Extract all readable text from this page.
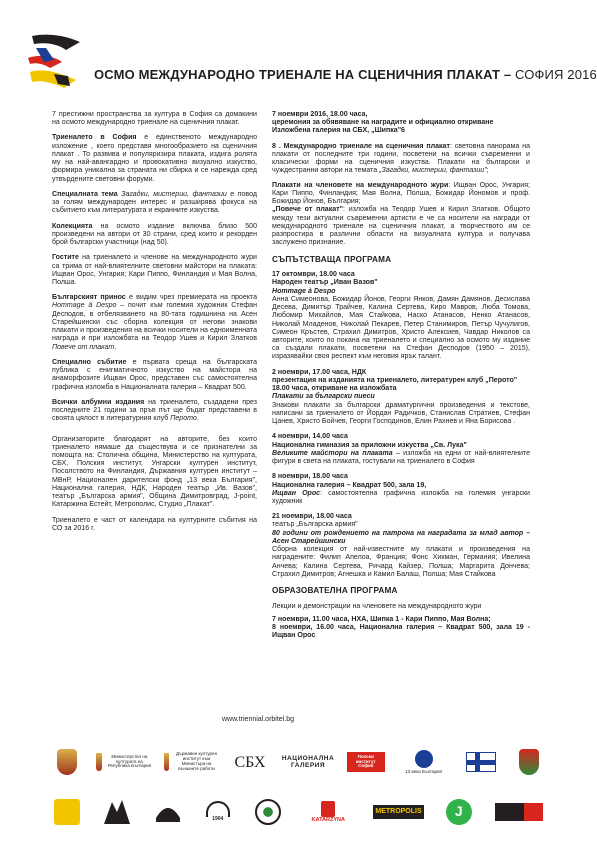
ОСМО МЕЖДУНАРОДНО ТРИЕНАЛЕ НА СЦЕНИЧНИЯ ПЛАКАТ – СОФИЯ 2016

7 престижни пространства за култура в София са домакини на осмото международно триенале на сценичния плакат.

Триеналето в София е единственото международно изложение , което представя многообразието на сценичния плакат . То развива и популяризира плаката, издига ролята му на най-авангардно и провокативно визуално изкуство, формира уникална за страната ни сбирка и се нарежда сред утвърдените световни форуми.

Специалната тема Загадки, мистерии, фантазии е повод за голям международен интерес и разширява фокуса на събитието към литературата и екранните изкуства.

Колекцията на осмото издание включва близо 500 произведени на автори от 30 страни, сред които и рекорден брой български участници (над 50).

Гостите на триеналето и членове на международното жури са трима от най-влиятелните световни майстори на плаката: Ищван Орос, Унгария; Кари Пиппо, Финландия и Мая Волна, Полша.

Българският принос е видим чрез премиерата на проекта Hommage à Despo – почит към големия художник Стефан Десподов, в отбелязването на 80-тата годишнина на Асен Старейшински със сборна колекция от негови знакови плакати и произведения на всички носители на едноименната награда и при изложбата на Теодор Ушев и Кирил Златков Повече от плакат.

Специално събитие е първата среща на българската публика с енигматичното изкуство на майстора на анаморфозите Ищван Орос, представен със самостоятелна графична изложба в Националната галерия – Квадрат 500.

Всички албумни издания на триеналето, създадени през последните 21 години за пръв път ще бъдат представени в своята цялост в литературния клуб Перото.

Организаторите благодарят на авторите, без които триеналето нямаше да съществува и се признателни за помощта на: Столична община, Министерство на културата, СБХ, Полския институт, Унгарски културен институт, Посолството на Финландия, Държавния културен институт – МВнР, Национален дарителски фонд „13 века България", Национална галерия, НДК, Народен театър „Ив. Вазов", театър „Българска армия", Община Димитровград, J-point, Катаржина Естейт, Метрополис, Студио „Плакат".

Триеналето е част от календара на културните събития на СО за 2016 г.

7 ноември 2016, 18.00 часа,
церемония за обявяване на наградите и официално откриване
Изложбена галерия на СБХ, „Шипка"6

8 . Международно триенале на сценичния плакат: световна панорама на плакати от последните три години, посветени на всички съвременни и класически форми на сценичния изкуства. Плакати на български и чуждестранни автори на темата „Загадки, мистерии, фантазии";

Плакати на членовете на международното жури: Ищван Орос, Унгария; Кари Пиппо, Финландия; Мая Волна, Полша, Божидар Йономов и проф. Божидар Йонов, България;

„Повече от плакат": изложба на Теодор Ушев и Кирил Златков. Общото между тези актуални съвременни артисти е че са носители на награди от международното триенале на сценичния плакат, а творчеството им се разпростира в различни области на визуалната култура и получава заслужено признание.

СЪПЪТСТВАЩА ПРОГРАМА
17 октомври, 18.00 часа
Народен театър „Иван Вазов"
Hommage à Despo
Анна Симеонова, Божидар Йонов, Георги Янков, Дамян Дамянов, Десислава Десева, Димитър Трайчев, Калина Сертева, Киро Мавров, Люба Томова, Любомир Михайлов, Мая Стайкова, Наско Атанасов, Ненко Атанасов, Николай Младенов, Николай Пекарев, Петер Станимиров, Петър Чучулигов, Симеон Кръстев, Страхил Димитров, Христо Алексиев, Чавдар Николов са авторите, които по покана на триеналето и специално за осмото му издание са създали плакати, посветени на Стефан Десподов (1950 – 2015), изразявайки своя респект към неговия ярък талант.
2 ноември, 17.00 часа, НДК
презентация на изданията на триеналето, литературен клуб „Перото"
18.00 часа, откриване на изложбата
Плакати за български пиеси
Знакови плакати за български драматургични произведения и текстове, написани за триеналето от Йордан Радичков, Станислав Стратиев, Стефан Цанев, Христо Бойчев, Георги Господинов, Елин Рахнев и Яна Борисова .
4 ноември, 14.00 часа
Национална гимназия за приложни изкуства „Св. Лука"
Великите майстори на плаката – изложба на едни от най-влиятелните фигури в света на плаката, гостували на триеналето в София
8 ноември, 18.00 часа
Национална галерия – Квадрат 500, зала 19,
Ищван Орос: самостоятелна графична изложба на големия унгарски художник
21 ноември, 18.00 часа
театър „Българска армия"
80 години от рождението на патрона на наградата за млад автор – Асен Старейшински
Сборна колекция от най-известните му плакати и произведения на наградените: Филип Апелоа, Франция; Фонс Хикман, Германия; Ивелина Анчева; Калина Сертева, Ричард Кайзер, Полша; Маргарита Дончева; Страхил Димитров; Агнешка и Камил Балаш, Полша; Мая Стайкова
ОБРАЗОВАТЕЛНА ПРОГРАМА

Лекции и демонстрации на членовете на международното жури

7 ноември, 11.00 часа, НХА, Шипка 1 - Кари Пиппо, Мая Волна;
8 ноември, 16.00 часа, Национална галерия – Квадрат 500, зала 19 - Ищван Орос
www.triennial.orbitel.bg
Министерство на културата на Република България
Държавен културен институт към Министъра на външните работи	СБХ	НАЦИОНАЛНА ГАЛЕРИЯ
Полски институт София
13 века България
1904	KATARZYNA
METROPOLIS	J
